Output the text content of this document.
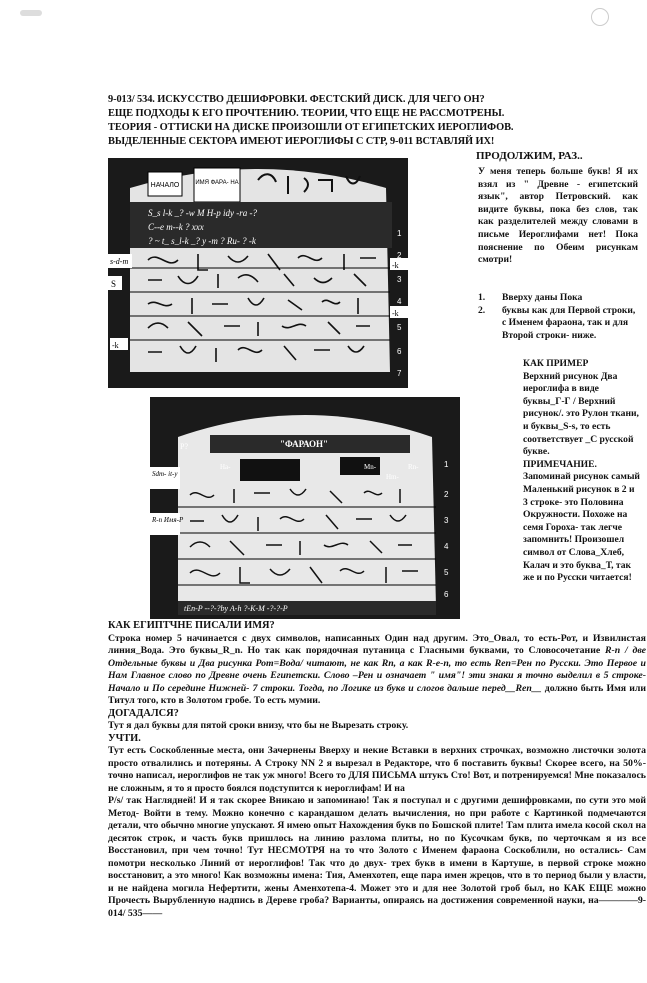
9-013/ 534. ИСКУССТВО ДЕШИФРОВКИ. ФЕСТСКИЙ ДИСК. ДЛЯ ЧЕГО ОН?
ЕЩЕ ПОДХОДЫ К ЕГО ПРОЧТЕНИЮ. ТЕОРИИ, ЧТО ЕЩЕ НЕ РАССМОТРЕНЫ.
ТЕОРИЯ - ОТТИСКИ НА ДИСКЕ ПРОИЗОШЛИ ОТ ЕГИПЕТСКИХ ИЕРОГЛИФОВ.
ВЫДЕЛЕННЫЕ СЕКТОРА ИМЕЮТ ИЕРОГЛИФЫ С СТР, 9-011 ВСТАВЛЯЙ ИХ!
НАЧАЛО	ИМЯ ФАРА- НА
S_s l-k _? -w M H-p idy -ra -?
C--e m--k ? xxx
? ~ t_ s_l-k _? y -m ? Ru- ? -k
s-d-m
S
-k
-k
-k
1
2
3
4
5
6
7
P?	"ФАРАОН"
Sdm- it-y
R-n Имя-P
Mn-
Hm-
Rn-
Ha-
tEn-P --?-?by A-h ?-K-M -?-?-P
1
2
3
4
5
6
ПРОДОЛЖИМ, РАЗ..
У меня теперь больше букв! Я их взял из " Древне - египетский язык", автор Петровский. как видите буквы, пока без слов, так как разделителей между словами в письме Иероглифами нет! Пока пояснение по Обеим рисункам смотри!
1.	Вверху даны Пока
2.	буквы как для Первой строки, с Именем фараона, так и для Второй строки- ниже.

КАК ПРИМЕР

Верхний рисунок Два иероглифа в виде буквы_Г-Г / Верхний рисунок/. это Рулон ткани, и буквы_S-s, то есть соответствует _С русской букве.

ПРИМЕЧАНИЕ.

Запоминай рисунок самый Маленький рисунок в 2 и 3 строке- это Половина Окружности. Похоже на семя Гороха- так легче запомнить! Произошел символ от Слова_Хлеб, Калач и это буква_Т, так же и по Русски читается!

КАК ЕГИПТЧНЕ ПИСАЛИ ИМЯ?

Строка номер 5 начинается с двух символов, написанных Один над другим. Это_Овал, то есть-Рот, и Извилистая линия_Вода. Это буквы_R_n. Но так как порядочная путаница с Гласными буквами, то Словосочетание R-n / две Отдельные буквы и Два рисунка Рот=Вода/ читают, не как Rn, а как R-e-n, то есть Ren=Рен по Русски. Это Первое и Нам Главное слово по Древне очень Египетски. Слово –Рен и означает " имя"! эти знаки я точно выделил в 5 строке- Начало и По середине Нижней- 7 строки. Тогда, по Логике из букв и слогов дальше перед__Ren__ должно быть Имя или Титул того, кто в Золотом гробе. То есть мумии.

ДОГАДАЛСЯ?

Тут я дал буквы для пятой сроки внизу, что бы не Вырезать строку.

УЧТИ.

Тут есть Соскобленные места, они Зачернены Вверху и некие Вставки в верхних строчках, возможно листочки золота просто отвалились и потеряны. А Строку NN 2 я вырезал в Редакторе, что б поставить буквы! Скорее всего, на 50%- точно написал, иероглифов не так уж много! Всего то ДЛЯ ПИСЬМА штукъ Сто! Вот, и потренируемся! Мне показалось не сложным, я то я просто боялся подступится к иероглифам! И на

P/s/ так Наглядней! И я так скорее Вникаю и запоминаю! Так я поступал и с другими дешифровками, по сути это мой Метод- Войти в тему. Можно конечно с карандашом делать вычисления, но при работе с Картинкой подмечаются детали, что обычно многие упускают. Я имею опыт Нахождения букв по Бошской плите! Там плита имела косой скол на десяток строк, и часть букв пришлось на линию разлома плиты, но по Кусочкам букв, по черточкам я из все Восстановил, при чем точно! Тут НЕСМОТРЯ на то что Золото с Именем фараона Соскоблили, но остались- Сам помотри несколько Линий от иероглифов! Так что до двух- трех букв в имени в Картуше, в первой строке можно восстановит, а это много! Как возможны имена: Тия, Аменхотеп, еще пара имен жрецов, что в то период были у власти, и не найдена могила Нефертити, жены Аменхотепа-4. Может это и для нее Золотой гроб был, но КАК ЕЩЕ можно Прочесть Вырубленную надпись в Дереве гроба? Варианты, опираясь на достижения современной науки, на————9-014/ 535——
